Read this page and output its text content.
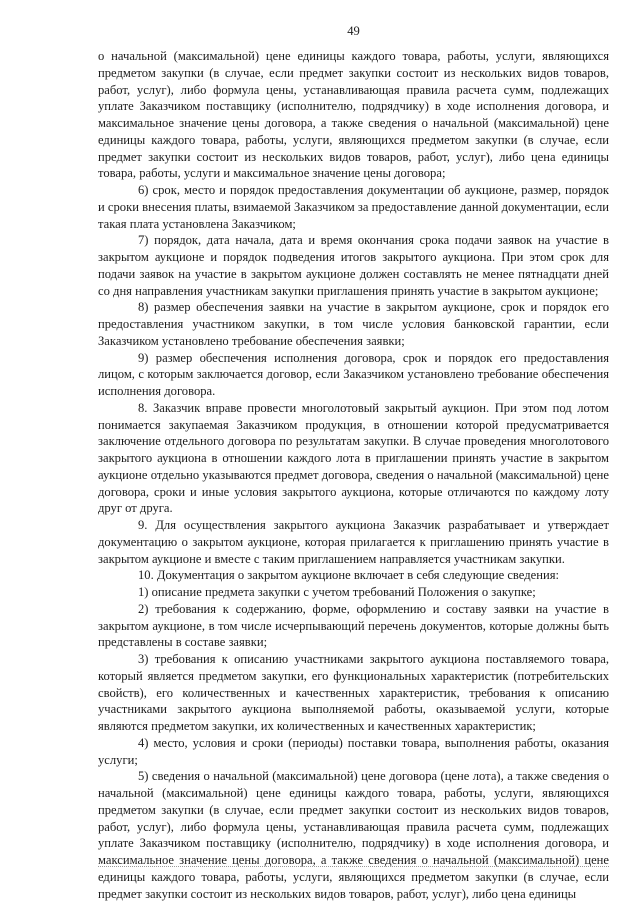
49

о начальной (максимальной) цене единицы каждого товара, работы, услуги, являющихся предметом закупки (в случае, если предмет закупки состоит из нескольких видов товаров, работ, услуг), либо формула цены, устанавливающая правила расчета сумм, подлежащих уплате Заказчиком поставщику (исполнителю, подрядчику) в ходе исполнения договора, и максимальное значение цены договора, а также сведения о начальной (максимальной) цене единицы каждого товара, работы, услуги, являющихся предметом закупки (в случае, если предмет закупки состоит из нескольких видов товаров, работ, услуг), либо цена единицы товара, работы, услуги и максимальное значение цены договора;

6) срок, место и порядок предоставления документации об аукционе, размер, порядок и сроки внесения платы, взимаемой Заказчиком за предоставление данной документации, если такая плата установлена Заказчиком;

7) порядок, дата начала, дата и время окончания срока подачи заявок на участие в закрытом аукционе и порядок подведения итогов закрытого аукциона. При этом срок для подачи заявок на участие в закрытом аукционе должен составлять не менее пятнадцати дней со дня направления участникам закупки приглашения принять участие в закрытом аукционе;

8) размер обеспечения заявки на участие в закрытом аукционе, срок и порядок его предоставления участником закупки, в том числе условия банковской гарантии, если Заказчиком установлено требование обеспечения заявки;

9) размер обеспечения исполнения договора, срок и порядок его предоставления лицом, с которым заключается договор, если Заказчиком установлено требование обеспечения исполнения договора.

8. Заказчик вправе провести многолотовый закрытый аукцион. При этом под лотом понимается закупаемая Заказчиком продукция, в отношении которой предусматривается заключение отдельного договора по результатам закупки. В случае проведения многолотового закрытого аукциона в отношении каждого лота в приглашении принять участие в закрытом аукционе отдельно указываются предмет договора, сведения о начальной (максимальной) цене договора, сроки и иные условия закрытого аукциона, которые отличаются по каждому лоту друг от друга.

9. Для осуществления закрытого аукциона Заказчик разрабатывает и утверждает документацию о закрытом аукционе, которая прилагается к приглашению принять участие в закрытом аукционе и вместе с таким приглашением направляется участникам закупки.

10. Документация о закрытом аукционе включает в себя следующие сведения:

1) описание предмета закупки с учетом требований Положения о закупке;

2) требования к содержанию, форме, оформлению и составу заявки на участие в закрытом аукционе, в том числе исчерпывающий перечень документов, которые должны быть представлены в составе заявки;

3) требования к описанию участниками закрытого аукциона поставляемого товара, который является предметом закупки, его функциональных характеристик (потребительских свойств), его количественных и качественных характеристик, требования к описанию участниками закрытого аукциона выполняемой работы, оказываемой услуги, которые являются предметом закупки, их количественных и качественных характеристик;

4) место, условия и сроки (периоды) поставки товара, выполнения работы, оказания услуги;

5) сведения о начальной (максимальной) цене договора (цене лота), а также сведения о начальной (максимальной) цене единицы каждого товара, работы, услуги, являющихся предметом закупки (в случае, если предмет закупки состоит из нескольких видов товаров, работ, услуг), либо формула цены, устанавливающая правила расчета сумм, подлежащих уплате Заказчиком поставщику (исполнителю, подрядчику) в ходе исполнения договора, и максимальное значение цены договора, а также сведения о начальной (максимальной) цене единицы каждого товара, работы, услуги, являющихся предметом закупки (в случае, если предмет закупки состоит из нескольких видов товаров, работ, услуг), либо цена единицы
